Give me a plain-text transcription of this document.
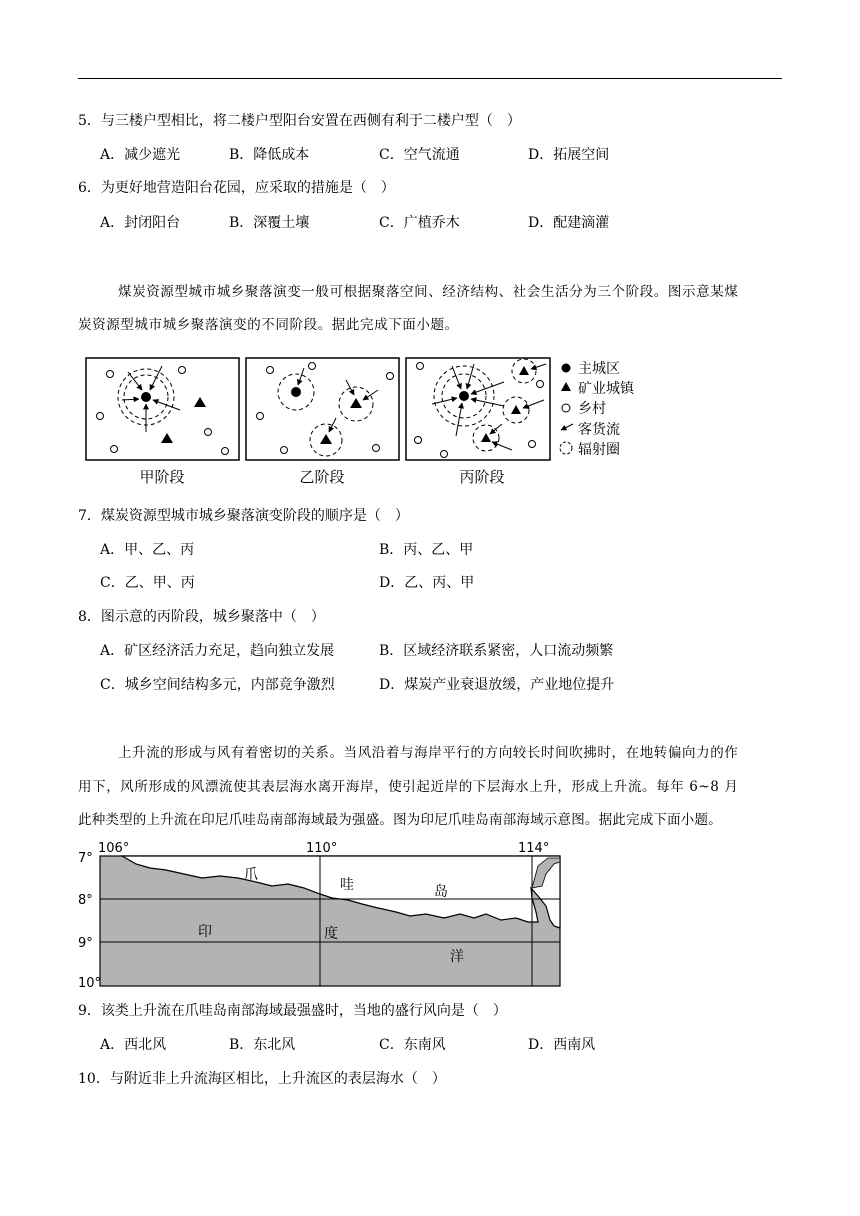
5．与三楼户型相比，将二楼户型阳台安置在西侧有利于二楼户型（　）
A．减少遮光	B．降低成本	C．空气流通	D．拓展空间
6．为更好地营造阳台花园，应采取的措施是（　）
A．封闭阳台	B．深覆土壤	C．广植乔木	D．配建滴灌
煤炭资源型城市城乡聚落演变一般可根据聚落空间、经济结构、社会生活分为三个阶段。图示意某煤
炭资源型城市城乡聚落演变的不同阶段。据此完成下面小题。
甲阶段	乙阶段	丙阶段
主城区
矿业城镇
乡村
客货流
辐射圈
7．煤炭资源型城市城乡聚落演变阶段的顺序是（　）
A．甲、乙、丙	B．丙、乙、甲
C．乙、甲、丙	D．乙、丙、甲
8．图示意的丙阶段，城乡聚落中（　）
A．矿区经济活力充足，趋向独立发展	B．区域经济联系紧密，人口流动频繁
C．城乡空间结构多元，内部竞争激烈	D．煤炭产业衰退放缓，产业地位提升
上升流的形成与风有着密切的关系。当风沿着与海岸平行的方向较长时间吹拂时，在地转偏向力的作
用下，风所形成的风漂流使其表层海水离开海岸，使引起近岸的下层海水上升，形成上升流。每年 6~8 月
此种类型的上升流在印尼爪哇岛南部海域最为强盛。图为印尼爪哇岛南部海域示意图。据此完成下面小题。
106°	110°	114°
7°
8°
9°
10°
爪
哇	岛
印	度
洋
9．该类上升流在爪哇岛南部海域最强盛时，当地的盛行风向是（　）
A．西北风	B．东北风	C．东南风	D．西南风
10．与附近非上升流海区相比，上升流区的表层海水（　）
